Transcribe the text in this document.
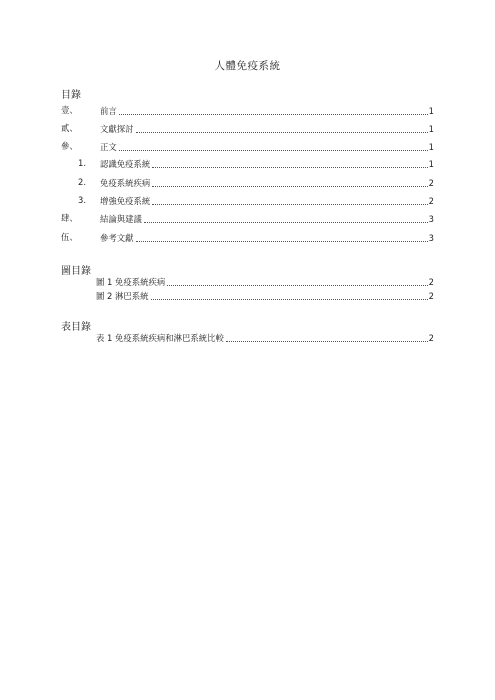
人體免疫系統
目錄
壹、	前言	1
貳、	文獻探討	1
參、	正文	1
1. 認識免疫系統	1
2. 免疫系統疾病	2
3. 增強免疫系統	2
肆、	結論與建議	3
伍、	參考文獻	3
圖目錄
圖 1 免疫系統疾病	2
圖 2 淋巴系統	2
表目錄
表 1 免疫系統疾病和淋巴系統比較	2
